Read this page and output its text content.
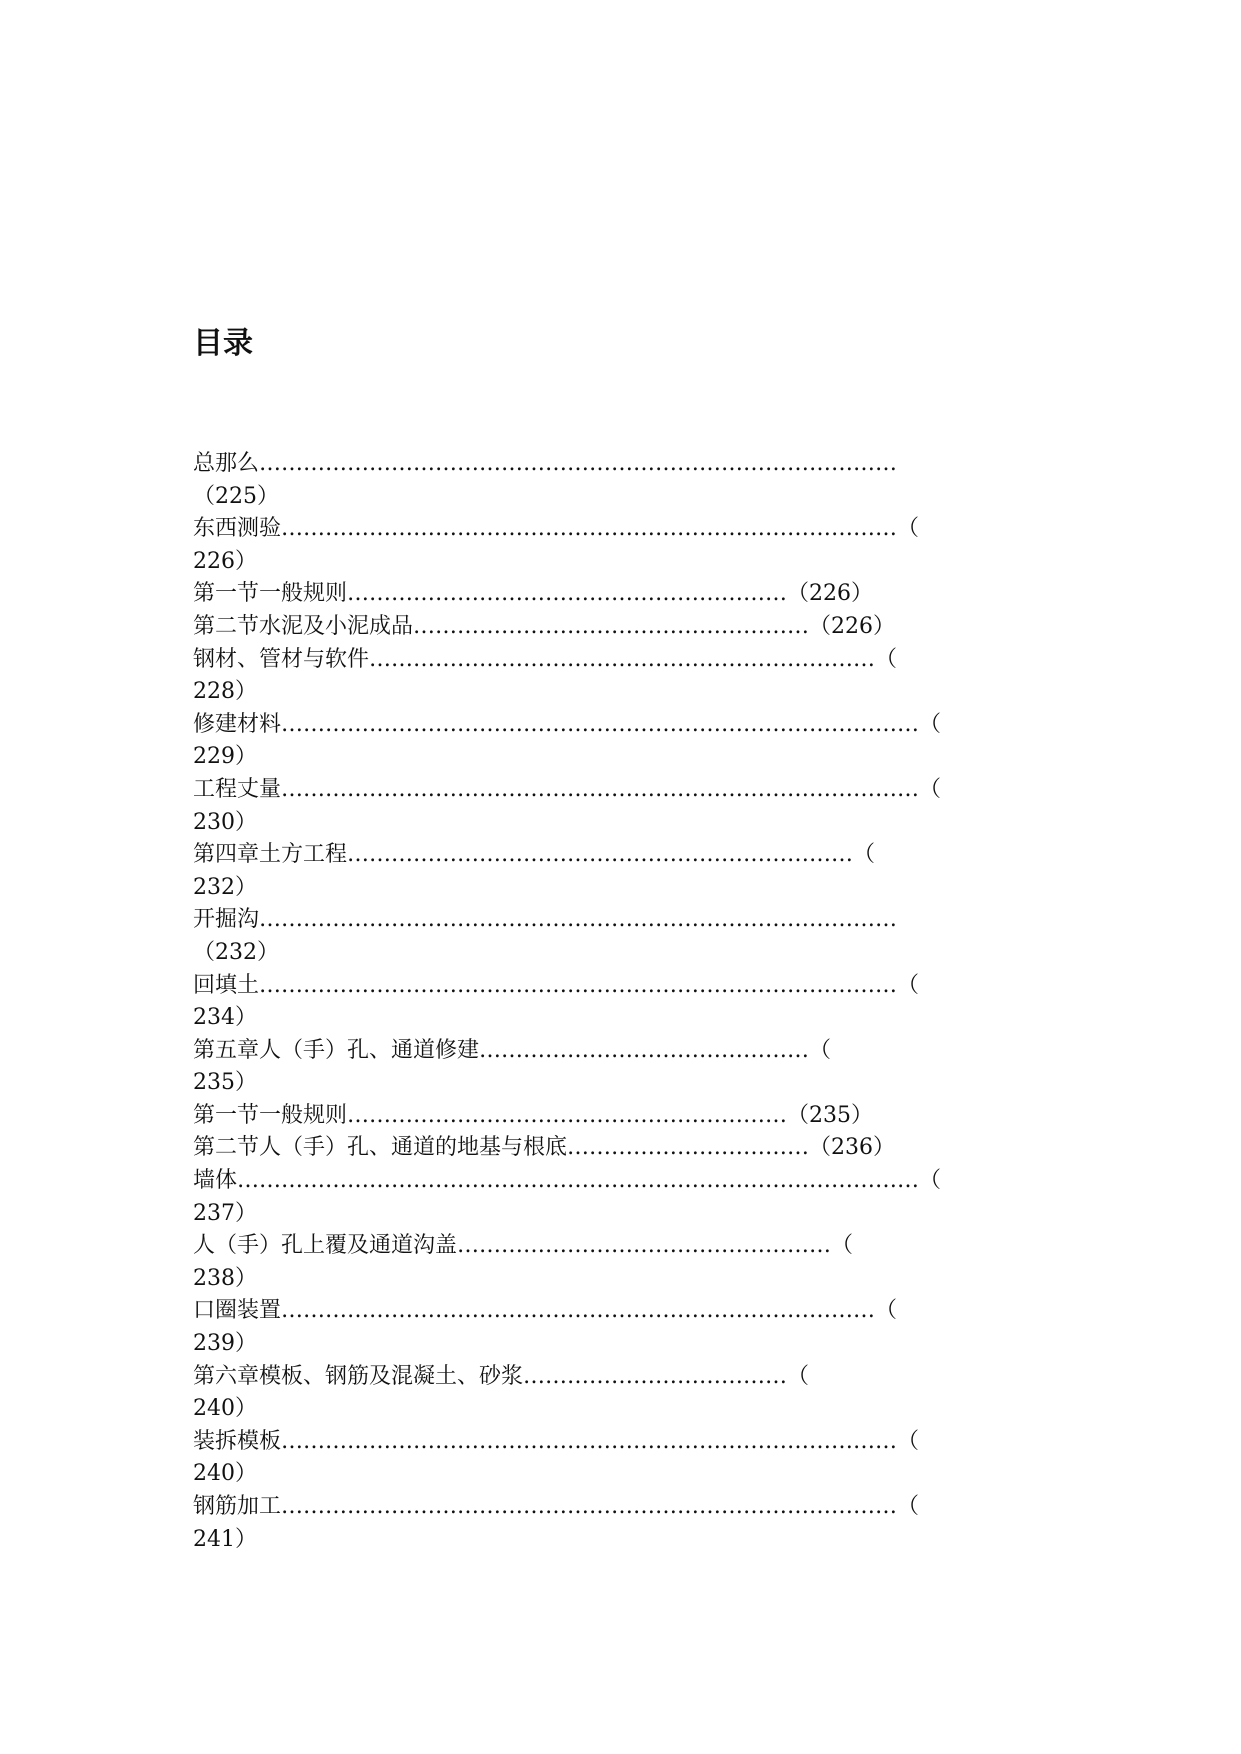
目录
总那么……………………………………………………………………………
（225）
东西测验…………………………………………………………………………（
226）
第一节一般规则……………………………………………………（226）
第二节水泥及小泥成品………………………………………………（226）
钢材、管材与软件……………………………………………………………（
228）
修建材料……………………………………………………………………………（
229）
工程丈量……………………………………………………………………………（
230）
第四章土方工程……………………………………………………………（
232）
开掘沟……………………………………………………………………………
（232）
回填土……………………………………………………………………………（
234）
第五章人（手）孔、通道修建………………………………………（
235）
第一节一般规则……………………………………………………（235）
第二节人（手）孔、通道的地基与根底……………………………（236）
墙体…………………………………………………………………………………（
237）
人（手）孔上覆及通道沟盖……………………………………………（
238）
口圈装置………………………………………………………………………（
239）
第六章模板、钢筋及混凝土、砂浆………………………………（
240）
装拆模板…………………………………………………………………………（
240）
钢筋加工…………………………………………………………………………（
241）
